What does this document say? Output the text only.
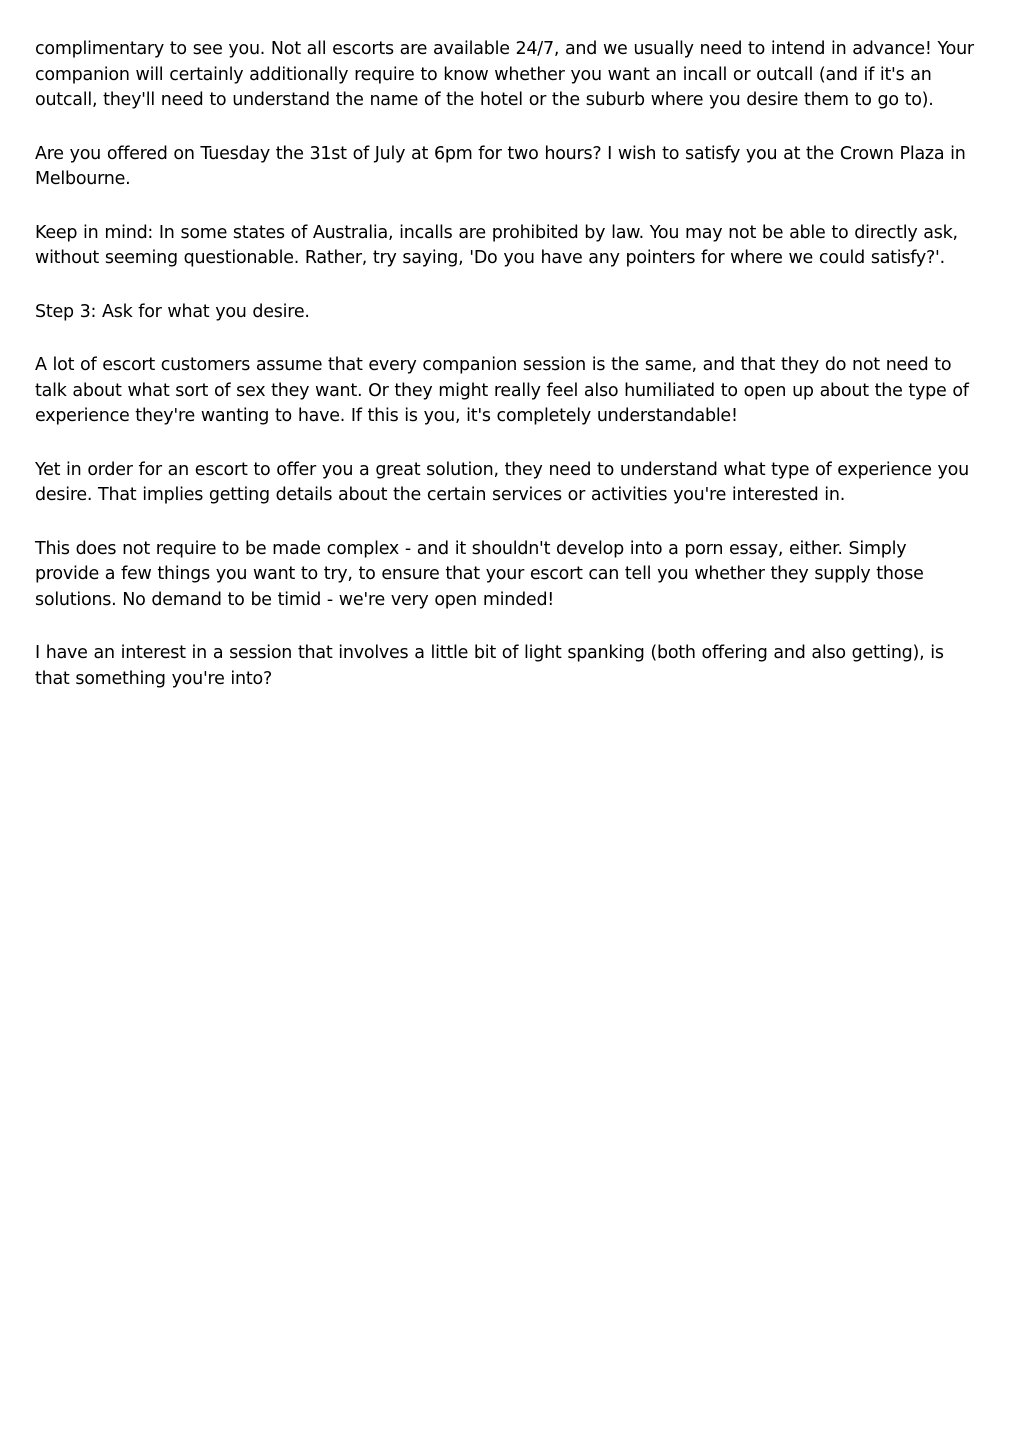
complimentary to see you. Not all escorts are available 24/7, and we usually need to intend in advance! Your companion will certainly additionally require to know whether you want an incall or outcall (and if it's an outcall, they'll need to understand the name of the hotel or the suburb where you desire them to go to).

Are you offered on Tuesday the 31st of July at 6pm for two hours? I wish to satisfy you at the Crown Plaza in Melbourne.

Keep in mind: In some states of Australia, incalls are prohibited by law. You may not be able to directly ask, without seeming questionable. Rather, try saying, 'Do you have any pointers for where we could satisfy?'.

Step 3: Ask for what you desire.

A lot of escort customers assume that every companion session is the same, and that they do not need to talk about what sort of sex they want. Or they might really feel also humiliated to open up about the type of experience they're wanting to have. If this is you, it's completely understandable!

Yet in order for an escort to offer you a great solution, they need to understand what type of experience you desire. That implies getting details about the certain services or activities you're interested in.

This does not require to be made complex - and it shouldn't develop into a porn essay, either. Simply provide a few things you want to try, to ensure that your escort can tell you whether they supply those solutions. No demand to be timid - we're very open minded!

I have an interest in a session that involves a little bit of light spanking (both offering and also getting), is that something you're into?
